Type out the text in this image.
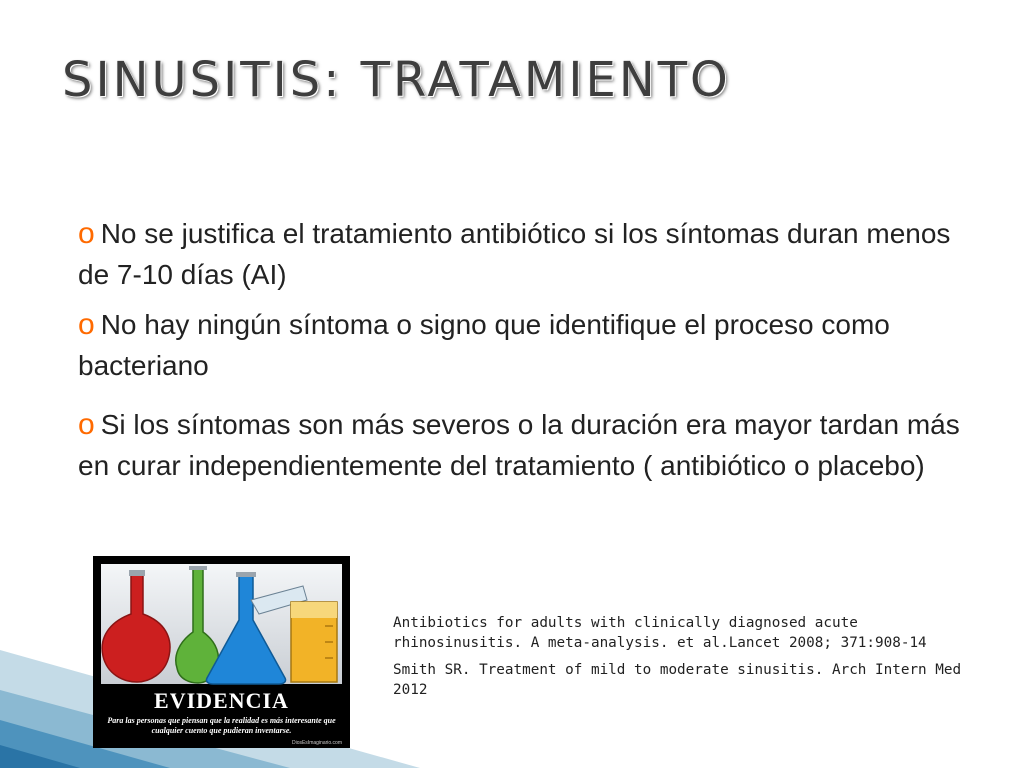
SINUSITIS: TRATAMIENTO
o No se justifica el tratamiento antibiótico si los síntomas duran menos de 7-10 días (AI)
o No hay ningún síntoma o signo que identifique el proceso como bacteriano
o Si los síntomas son más severos o la duración era mayor tardan más en curar independientemente del tratamiento ( antibiótico o placebo)
EVIDENCIA
Para las personas que piensan que la realidad es más interesante que cualquier cuento que pudieran inventarse.
DiosEsImaginario.com
Antibiotics for adults with clinically diagnosed acute rhinosinusitis. A meta-analysis. et al.Lancet 2008; 371:908-14
Smith SR. Treatment of mild to moderate sinusitis. Arch Intern Med 2012
